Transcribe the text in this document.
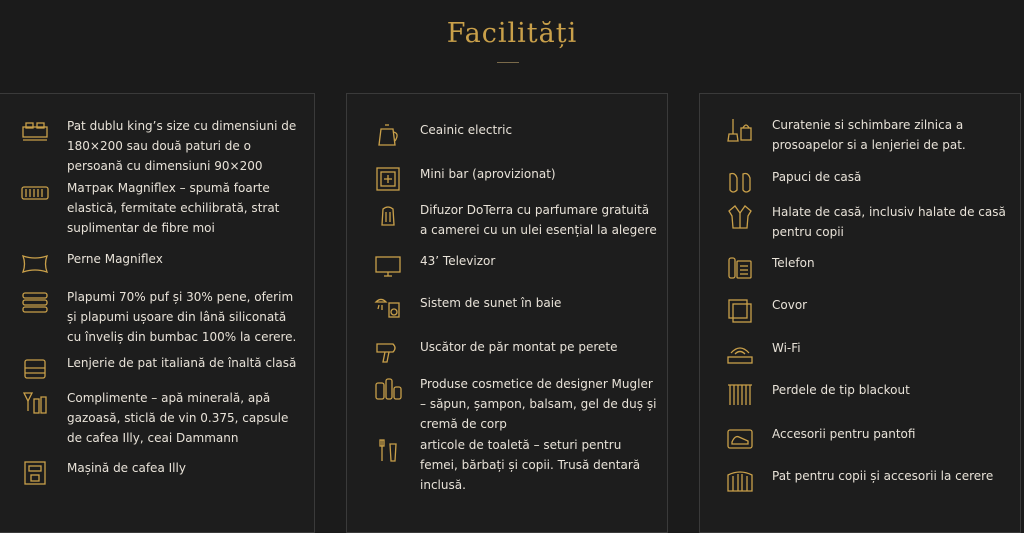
Facilități
Pat dublu king’s size cu dimensiuni de 180×200 sau două paturi de o persoană cu dimensiuni 90×200
Матрак Magniflex – spumă foarte elastică, fermitate echilibrată, strat suplimentar de fibre moi
Perne Magniflex
Plapumi 70% puf și 30% pene, oferim și plapumi ușoare din lână siliconată cu înveliș din bumbac 100% la cerere.
Lenjerie de pat italiană de înaltă clasă
Complimente – apă minerală, apă gazoasă, sticlă de vin 0.375, capsule de cafea Illy, ceai Dammann
Mașină de cafea Illy
Ceainic electric
Mini bar (aprovizionat)
Difuzor DoTerra cu parfumare gratuită a camerei cu un ulei esențial la alegere
43’ Televizor
Sistem de sunet în baie
Uscător de păr montat pe perete
Produse cosmetice de designer Mugler – săpun, șampon, balsam, gel de duș și cremă de corp
articole de toaletă – seturi pentru femei, bărbați și copii. Trusă dentară inclusă.
Curatenie si schimbare zilnica a prosoapelor si a lenjeriei de pat.
Papuci de casă
Halate de casă, inclusiv halate de casă pentru copii
Telefon
Covor
Wi-Fi
Perdele de tip blackout
Accesorii pentru pantofi
Pat pentru copii și accesorii la cerere
